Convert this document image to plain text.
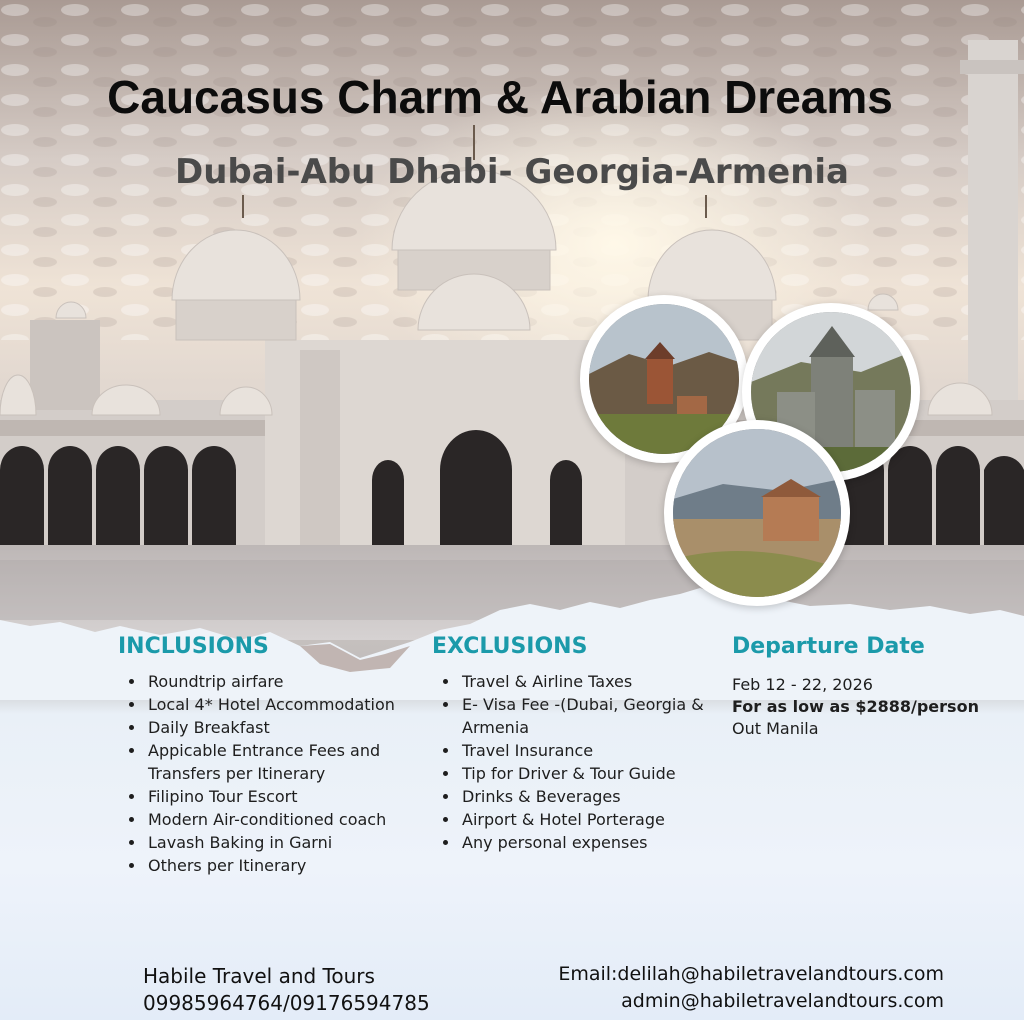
Caucasus Charm & Arabian Dreams
Dubai-Abu Dhabi- Georgia-Armenia
INCLUSIONS
• Roundtrip airfare
• Local 4* Hotel Accommodation
• Daily Breakfast
• Appicable Entrance Fees and Transfers per Itinerary
• Filipino Tour Escort
• Modern Air-conditioned coach
• Lavash Baking in Garni
• Others per Itinerary
EXCLUSIONS
• Travel & Airline Taxes
• E- Visa Fee -(Dubai, Georgia & Armenia
• Travel Insurance
• Tip for Driver & Tour Guide
• Drinks & Beverages
• Airport & Hotel Porterage
• Any personal expenses
Departure Date
Feb 12 - 22, 2026
For as low as $2888/person
Out Manila
Habile Travel and Tours
09985964764/09176594785
Email:delilah@habiletravelandtours.com
admin@habiletravelandtours.com
